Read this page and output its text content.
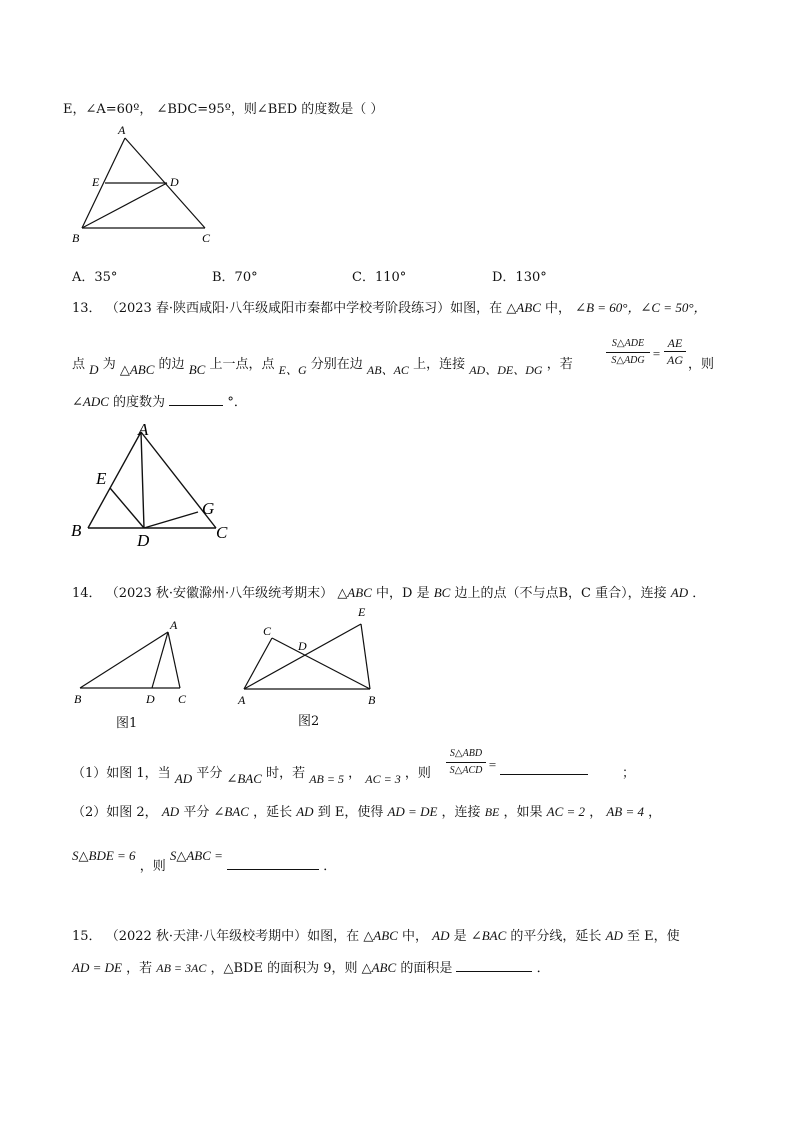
E，∠A=60º， ∠BDC=95º，则∠BED 的度数是（ ）
A
E	D
B	C
A．35°	B．70°	C．110°	D．130°
13． （2023 春·陕西咸阳·八年级咸阳市秦都中学校考阶段练习）如图，在 △ABC 中， ∠B = 60°，∠C = 50°，
点 D 为 △ABC 的边 BC 上一点，点 E、G 分别在边 AB、AC 上，连接 AD、DE、DG ，若
S△ADE
S△ADG =
AE
AG ，则
∠ADC 的度数为	°．
A
E
G
B
D	C
14． （2023 秋·安徽滁州·八年级统考期末） △ABC 中，D 是 BC 边上的点（不与点B，C 重合），连接 AD ．
A
B	D C
图1
C
D
E
A	B
图2
（1）如图 1，当 AD 平分 ∠BAC 时，若 AB = 5 ， AC = 3 ，则
S△ABD
S△ACD =
；
（2）如图 2， AD 平分 ∠BAC ，延长 AD 到 E，使得 AD = DE ，连接 BE ，如果 AC = 2 ， AB = 4 ，
S△BDE = 6 ，则 S△ABC =  ．
15． （2022 秋·天津·八年级校考期中）如图，在 △ABC 中， AD 是 ∠BAC 的平分线，延长 AD 至 E，使
AD = DE ，若 AB = 3AC ，△BDE 的面积为 9，则 △ABC 的面积是	．
